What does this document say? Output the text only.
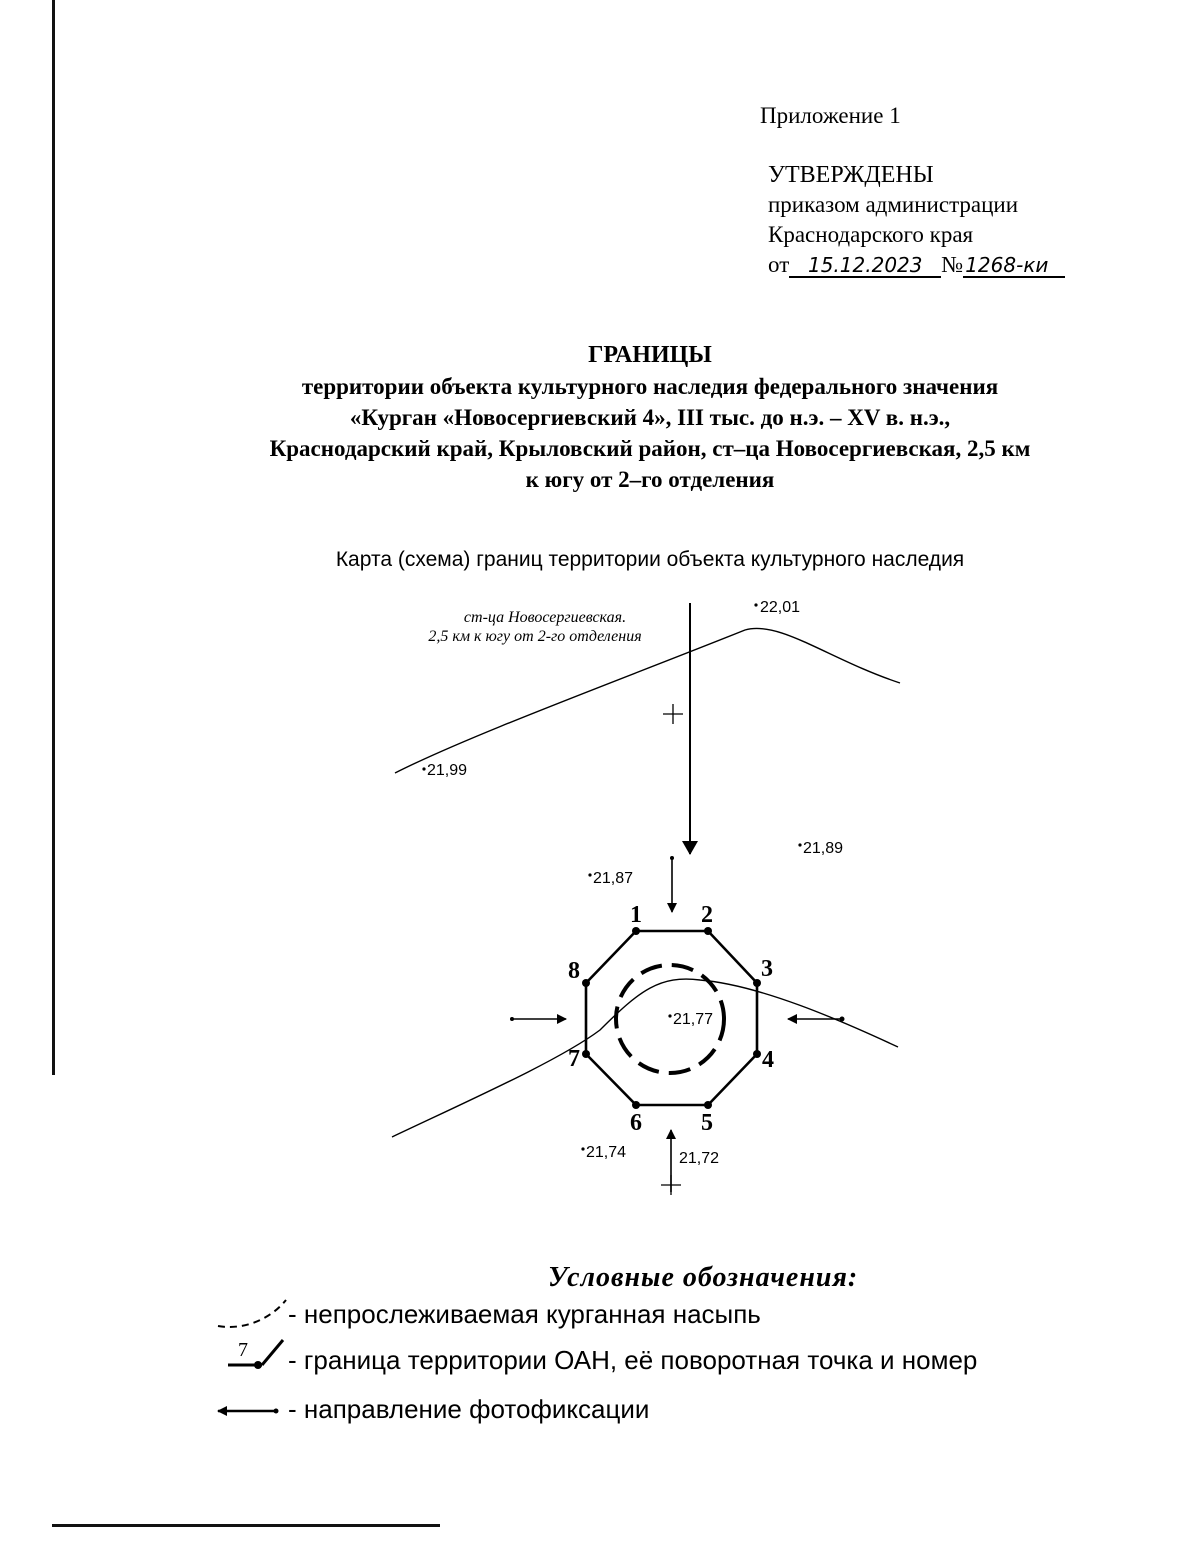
Приложение 1
УТВЕРЖДЕНЫ
приказом администрации
Краснодарского края
от 15.12.2023 № 1268-ки
ГРАНИЦЫ
территории объекта культурного наследия федерального значения
«Курган «Новосергиевский 4», III тыс. до н.э. – XV в. н.э.,
Краснодарский край, Крыловский район, ст–ца Новосергиевская, 2,5 км
к югу от 2–го отделения
Карта (схема) границ территории объекта культурного наследия
ст-ца Новосергиевская.
2,5 км к югу от 2-го отделения
1 2
3
4
5
6
7
8
22,01
21,99
21,89
21,87
21,77
21,74	21,72
7
Условные обозначения:
- непрослеживаемая курганная насыпь
- граница территории ОАН, её поворотная точка и номер
- направление фотофиксации
